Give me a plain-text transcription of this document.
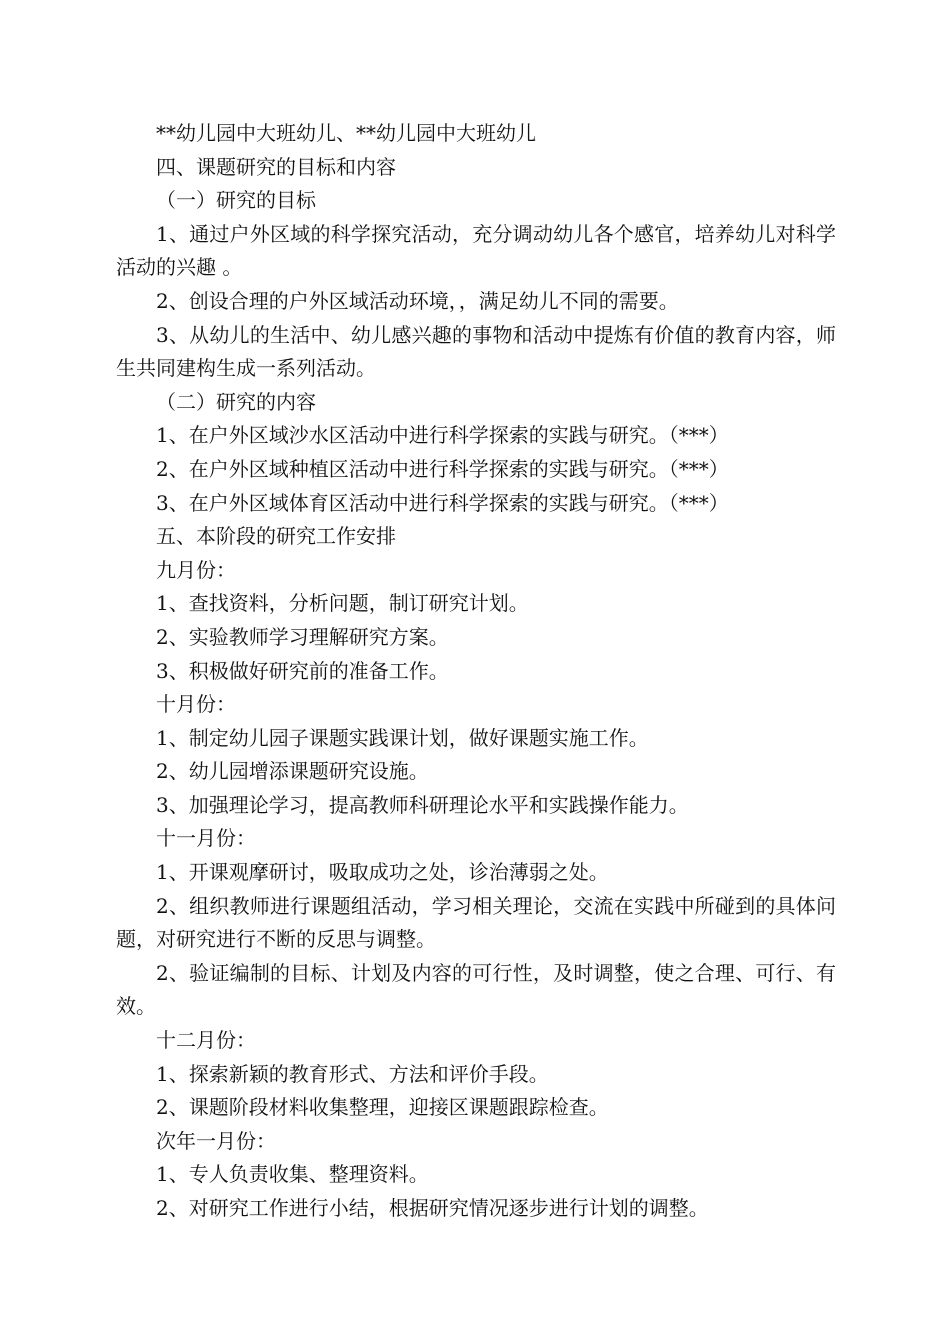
**幼儿园中大班幼儿、**幼儿园中大班幼儿

四、课题研究的目标和内容

（一）研究的目标

1、通过户外区域的科学探究活动，充分调动幼儿各个感官，培养幼儿对科学活动的兴趣 。

2、创设合理的户外区域活动环境，，满足幼儿不同的需要。

3、从幼儿的生活中、幼儿感兴趣的事物和活动中提炼有价值的教育内容，师生共同建构生成一系列活动。

（二）研究的内容

1、在户外区域沙水区活动中进行科学探索的实践与研究。（***）

2、在户外区域种植区活动中进行科学探索的实践与研究。（***）

3、在户外区域体育区活动中进行科学探索的实践与研究。（***）

五、本阶段的研究工作安排

九月份：

1、查找资料，分析问题，制订研究计划。

2、实验教师学习理解研究方案。

3、积极做好研究前的准备工作。

十月份：

1、制定幼儿园子课题实践课计划，做好课题实施工作。

2、幼儿园增添课题研究设施。

3、加强理论学习，提高教师科研理论水平和实践操作能力。

十一月份：

1、开课观摩研讨，吸取成功之处，诊治薄弱之处。

2、组织教师进行课题组活动，学习相关理论，交流在实践中所碰到的具体问题，对研究进行不断的反思与调整。

2、验证编制的目标、计划及内容的可行性，及时调整，使之合理、可行、有效。

十二月份：

1、探索新颖的教育形式、方法和评价手段。

2、课题阶段材料收集整理，迎接区课题跟踪检查。

次年一月份：

1、专人负责收集、整理资料。

2、对研究工作进行小结，根据研究情况逐步进行计划的调整。
